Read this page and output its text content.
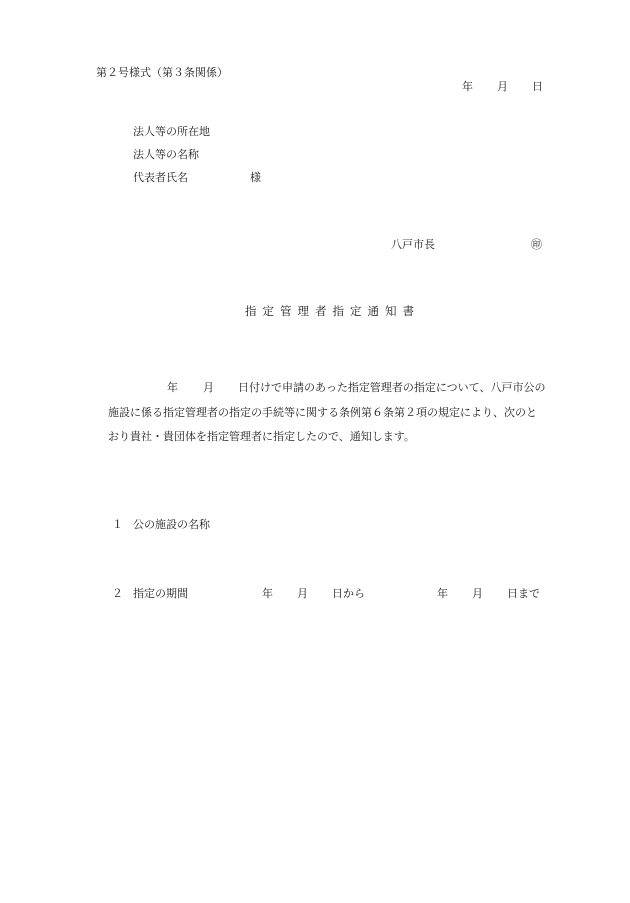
第２号様式（第３条関係）
年 月 日
法人等の所在地
法人等の名称
代表者氏名	様
八戸市長	㊞
指定管理者指定通知書
年 月 日付けで申請のあった指定管理者の指定について、八戸市公の
施設に係る指定管理者の指定の手続等に関する条例第６条第２項の規定により、次のと
おり貴社・貴団体を指定管理者に指定したので、通知します。
１ 公の施設の名称
２ 指定の期間	年 月 日から	年 月 日まで
